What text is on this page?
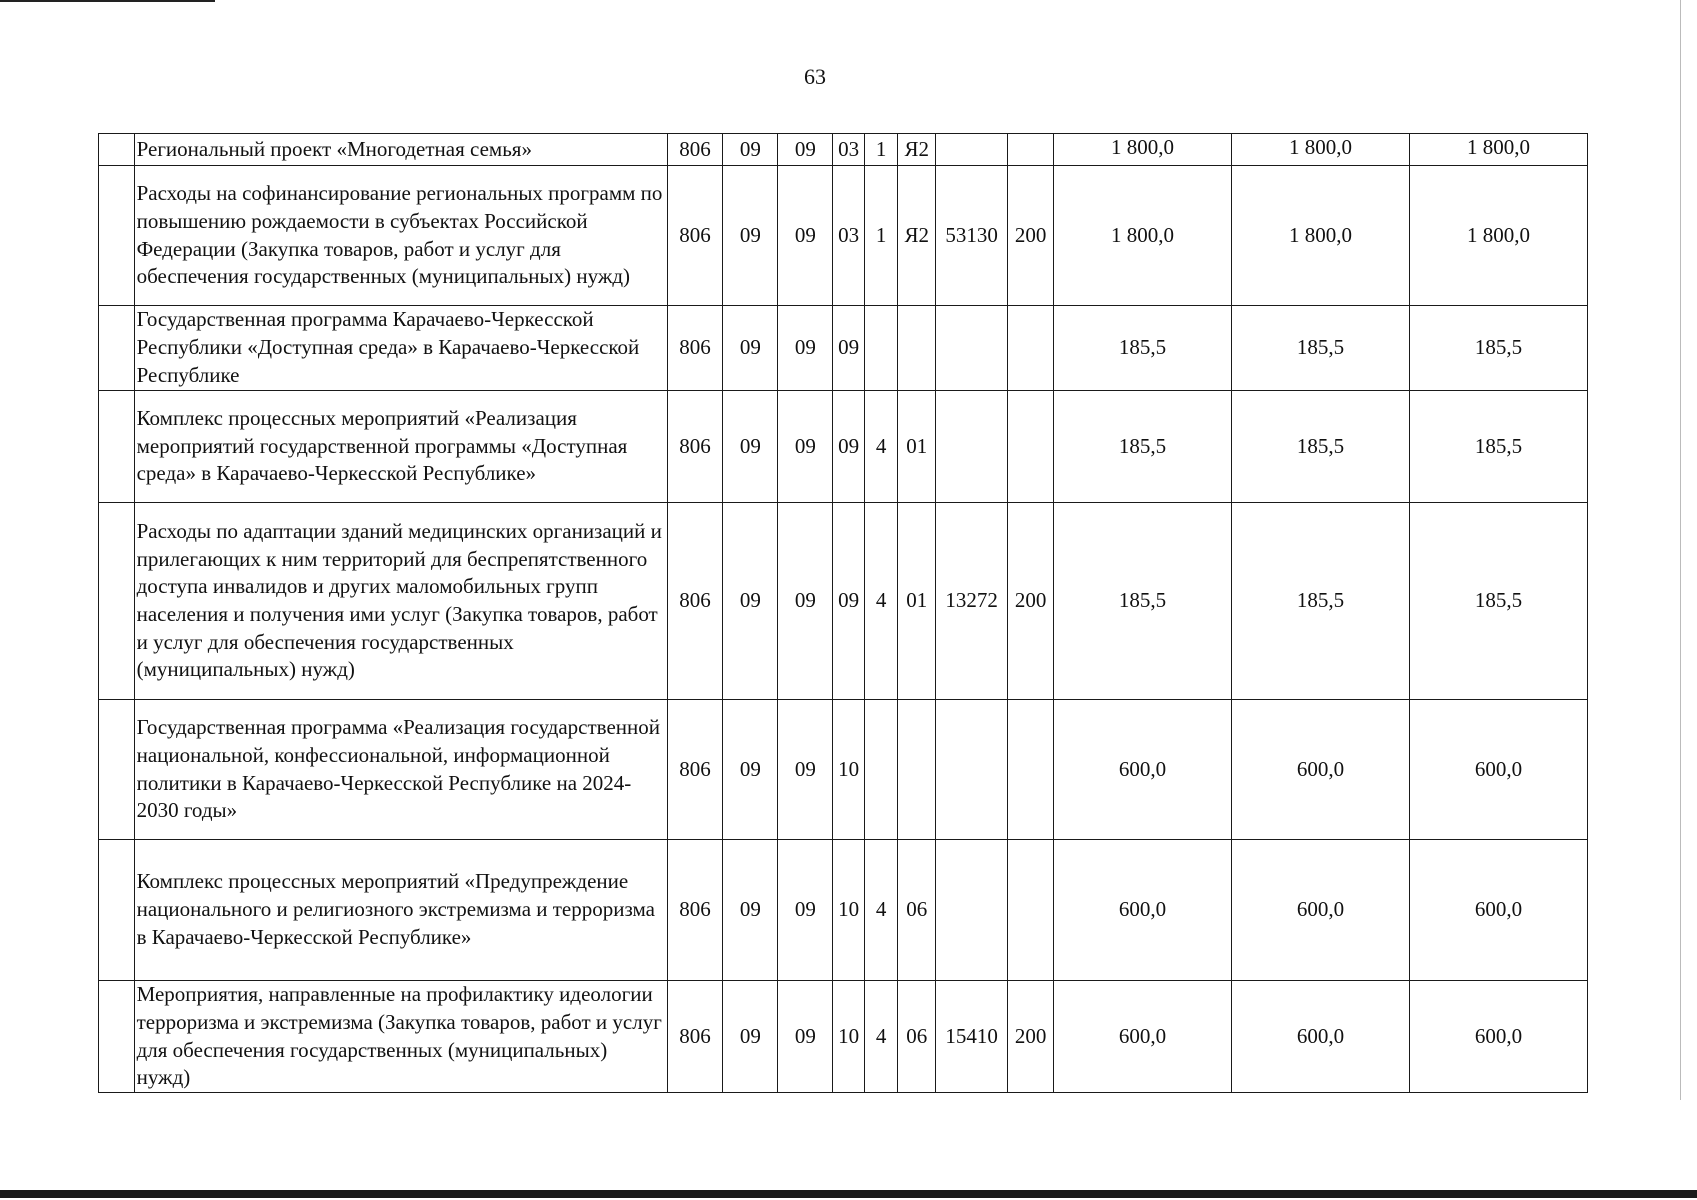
63
	Региональный проект «Многодетная семья»	806	09	09	03	1	Я2			1 800,0	1 800,0	1 800,0
	Расходы на софинансирование региональных программ по повышению рождаемости в субъектах Российской Федерации (Закупка товаров, работ и услуг для обеспечения государственных (муниципальных) нужд)	806	09	09	03	1	Я2	53130	200	1 800,0	1 800,0	1 800,0
	Государственная программа Карачаево-Черкесской Республики «Доступная среда» в Карачаево-Черкесской Республике	806	09	09	09					185,5	185,5	185,5
	Комплекс процессных мероприятий «Реализация мероприятий государственной программы «Доступная среда» в Карачаево-Черкесской Республике»	806	09	09	09	4	01			185,5	185,5	185,5
	Расходы по адаптации зданий медицинских организаций и прилегающих к ним территорий для беспрепятственного доступа инвалидов и других маломобильных групп населения и получения ими услуг (Закупка товаров, работ и услуг для обеспечения государственных (муниципальных) нужд)	806	09	09	09	4	01	13272	200	185,5	185,5	185,5
	Государственная программа «Реализация государственной национальной, конфессиональной, информационной политики в Карачаево-Черкесской Республике на 2024-2030 годы»	806	09	09	10					600,0	600,0	600,0
	Комплекс процессных мероприятий «Предупреждение национального и религиозного экстремизма и терроризма в Карачаево-Черкесской Республике»	806	09	09	10	4	06			600,0	600,0	600,0
	Мероприятия, направленные на профилактику идеологии терроризма и экстремизма (Закупка товаров, работ и услуг для обеспечения государственных (муниципальных) нужд)	806	09	09	10	4	06	15410	200	600,0	600,0	600,0
